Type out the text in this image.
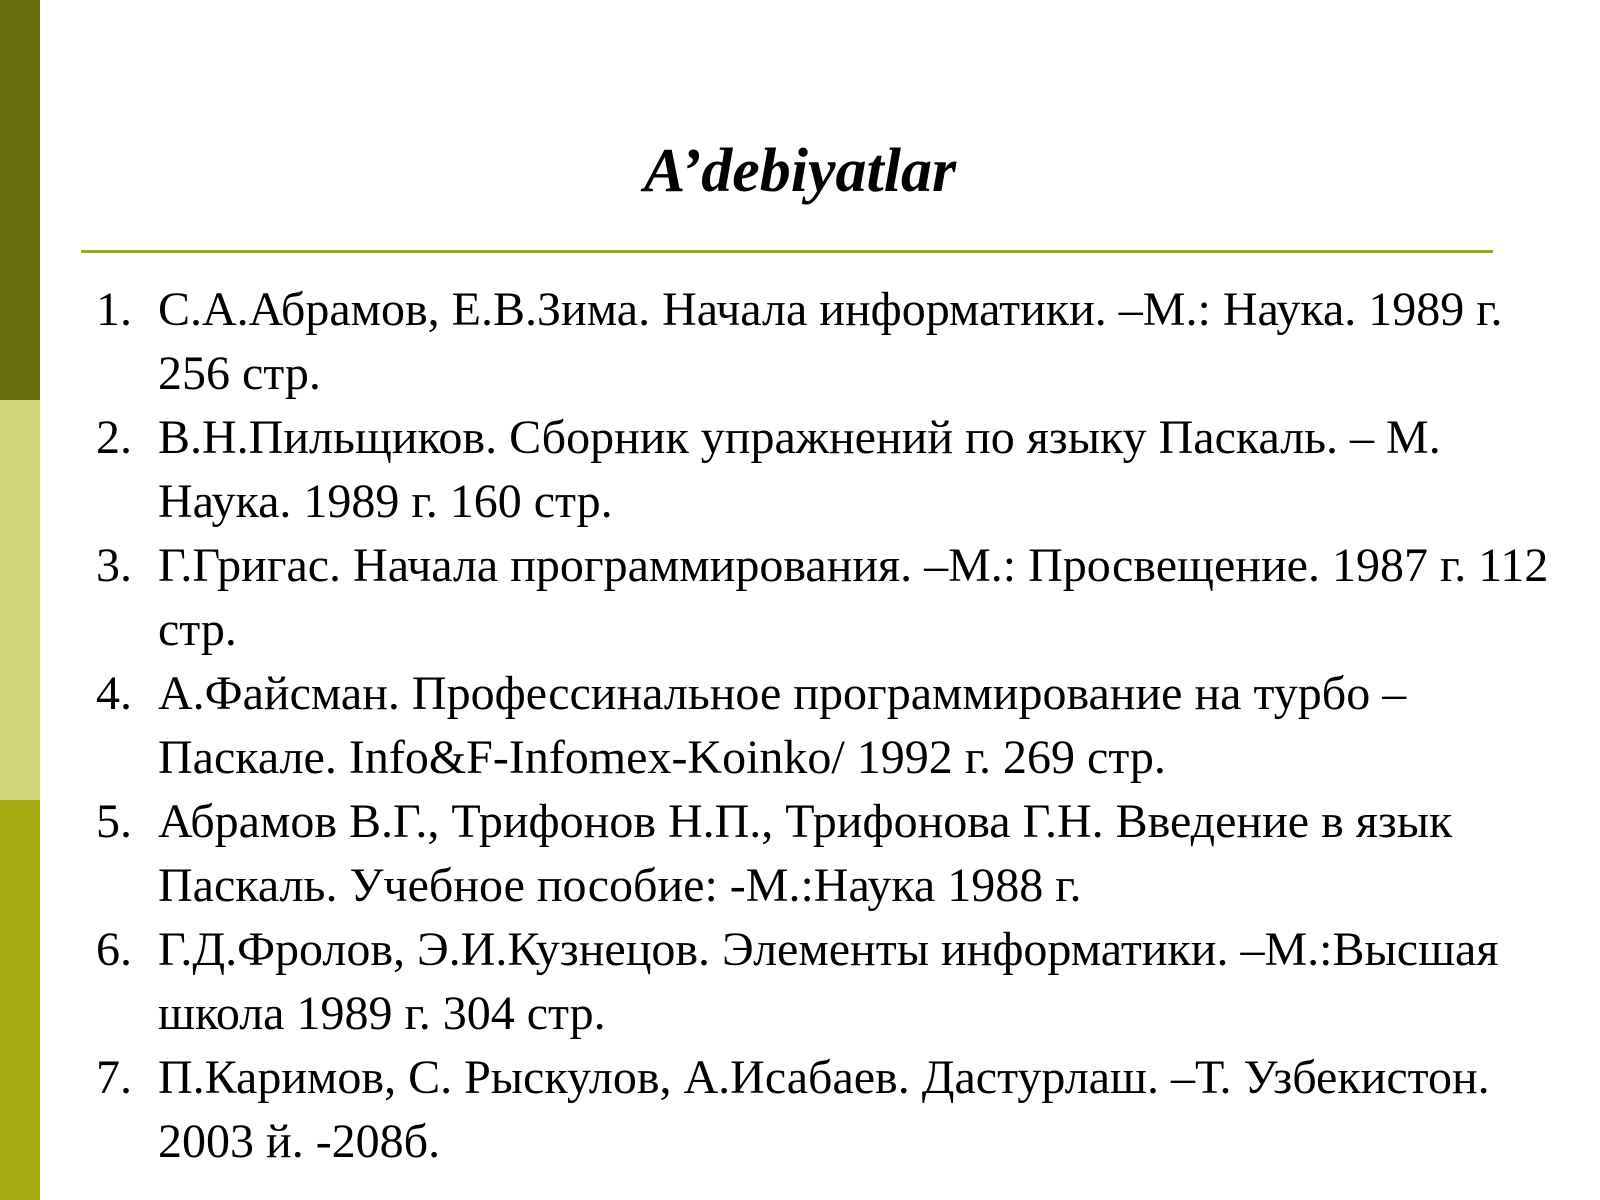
A’debiyatlar
1. С.А.Абрамов, Е.В.Зима. Начала информатики. –М.: Наука. 1989 г. 256 стр.
2. В.Н.Пильщиков. Сборник упражнений по языку Паскаль. – М. Наука. 1989 г. 160 стр.
3. Г.Григас. Начала программирования. –М.: Просвещение. 1987 г. 112 стр.
4. А.Файсман. Профессинальное программирование на турбо – Паскале. Info&F-Infomex-Koinko/ 1992 г. 269 стр.
5. Абрамов В.Г., Трифонов Н.П., Трифонова Г.Н. Введение в язык Паскаль. Учебное пособие: -М.:Наука 1988 г.
6. Г.Д.Фролов, Э.И.Кузнецов. Элементы информатики. –М.:Высшая школа 1989 г. 304 стр.
7. П.Каримов, С. Рыскулов, А.Исабаев. Дастурлаш. –Т. Узбекистон. 2003 й. -208б.
